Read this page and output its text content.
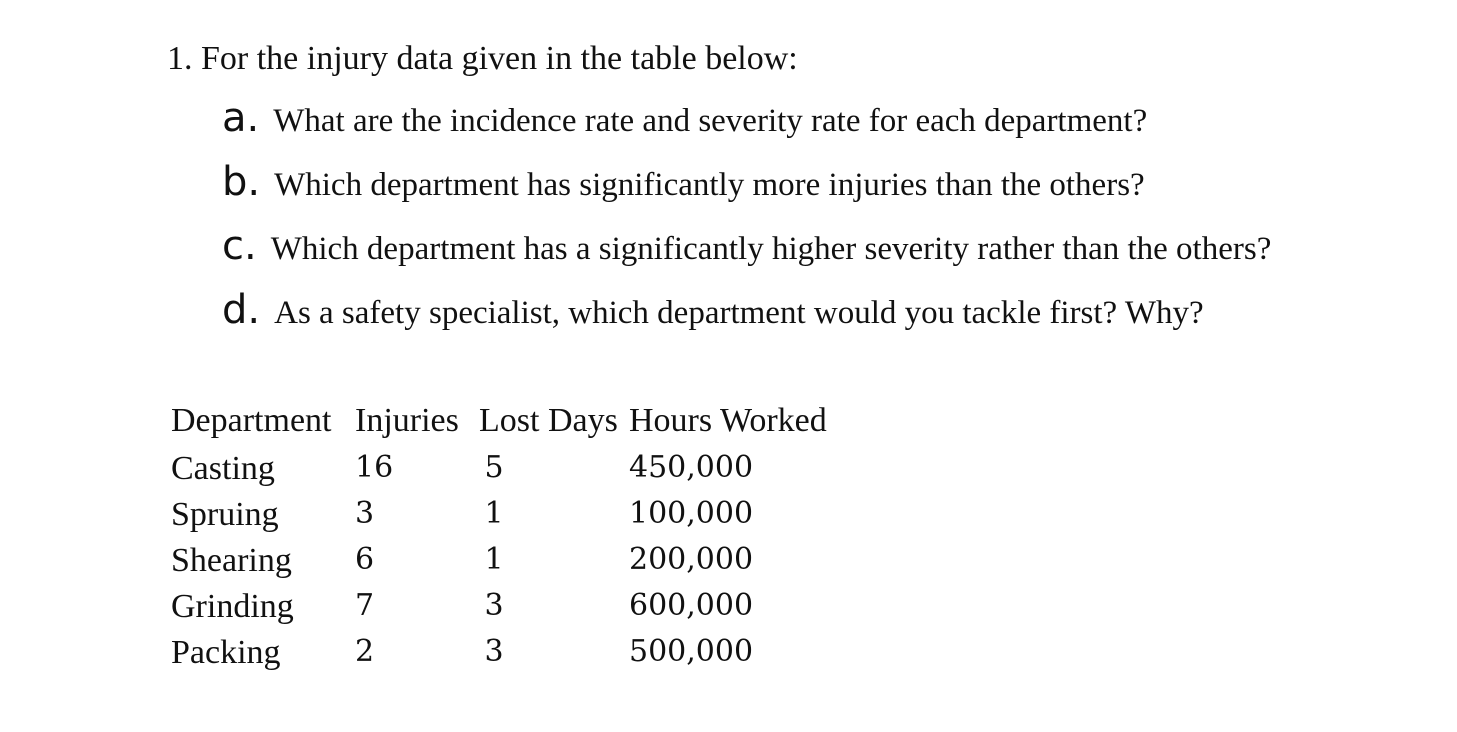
1. For the injury data given in the table below:
a. What are the incidence rate and severity rate for each department?
b. Which department has significantly more injuries than the others?
c. Which department has a significantly higher severity rather than the others?
d. As a safety specialist, which department would you tackle first? Why?
Department	Injuries	Lost Days	Hours Worked
Casting	16	5	450,000
Spruing	3	1	100,000
Shearing	6	1	200,000
Grinding	7	3	600,000
Packing	2	3	500,000
